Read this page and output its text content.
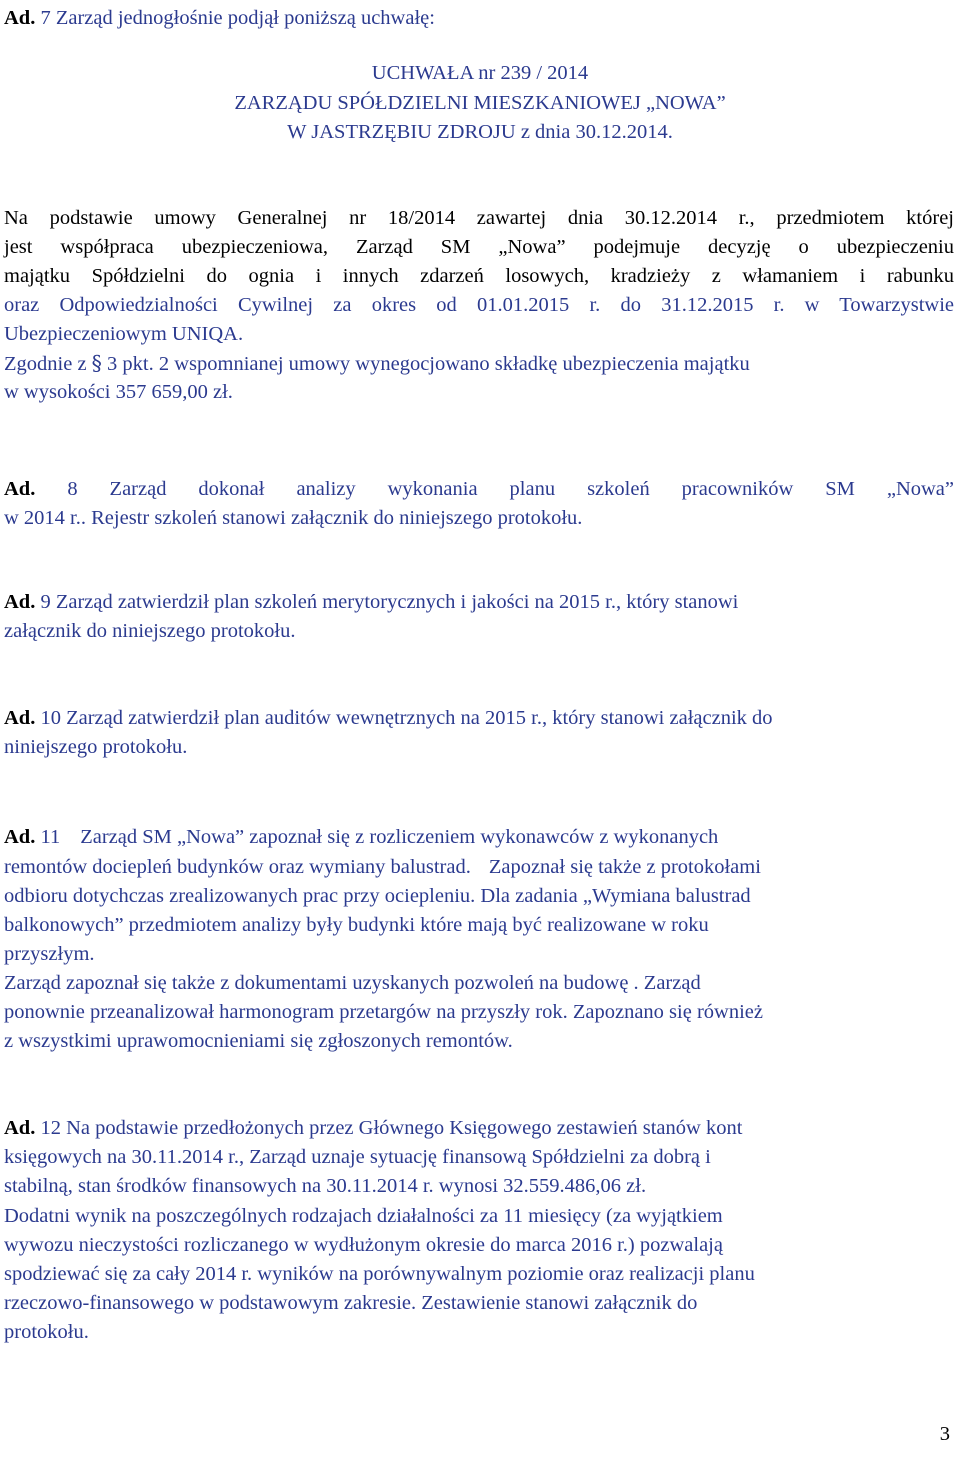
Ad. 7 Zarząd jednogłośnie podjął poniższą uchwałę:
UCHWAŁA nr 239 / 2014
ZARZĄDU SPÓŁDZIELNI MIESZKANIOWEJ „NOWA”
W JASTRZĘBIU ZDROJU z dnia 30.12.2014.
Na podstawie umowy Generalnej nr 18/2014 zawartej dnia 30.12.2014 r., przedmiotem której
jest współpraca ubezpieczeniowa, Zarząd SM „Nowa” podejmuje decyzję o ubezpieczeniu
majątku Spółdzielni do ognia i innych zdarzeń losowych, kradzieży z włamaniem i rabunku
oraz Odpowiedzialności Cywilnej za okres od 01.01.2015 r. do 31.12.2015 r. w Towarzystwie
Ubezpieczeniowym UNIQA.
Zgodnie z § 3 pkt. 2 wspomnianej umowy wynegocjowano składkę ubezpieczenia majątku
w wysokości 357 659,00 zł.
Ad. 8 Zarząd dokonał analizy wykonania planu szkoleń pracowników SM „Nowa”
w 2014 r.. Rejestr szkoleń stanowi załącznik do niniejszego protokołu.
Ad. 9 Zarząd zatwierdził plan szkoleń merytorycznych i jakości na 2015 r., który stanowi
załącznik do niniejszego protokołu.
Ad. 10 Zarząd zatwierdził plan auditów wewnętrznych na 2015 r., który stanowi załącznik do
niniejszego protokołu.
Ad. 11 Zarząd SM „Nowa” zapoznał się z rozliczeniem wykonawców z wykonanych
remontów dociepleń budynków oraz wymiany balustrad. Zapoznał się także z protokołami
odbioru dotychczas zrealizowanych prac przy ociepleniu. Dla zadania „Wymiana balustrad
balkonowych” przedmiotem analizy były budynki które mają być realizowane w roku
przyszłym.
Zarząd zapoznał się także z dokumentami uzyskanych pozwoleń na budowę . Zarząd
ponownie przeanalizował harmonogram przetargów na przyszły rok. Zapoznano się również
z wszystkimi uprawomocnieniami się zgłoszonych remontów.
Ad. 12 Na podstawie przedłożonych przez Głównego Księgowego zestawień stanów kont
księgowych na 30.11.2014 r., Zarząd uznaje sytuację finansową Spółdzielni za dobrą i
stabilną, stan środków finansowych na 30.11.2014 r. wynosi 32.559.486,06 zł.
Dodatni wynik na poszczególnych rodzajach działalności za 11 miesięcy (za wyjątkiem
wywozu nieczystości rozliczanego w wydłużonym okresie do marca 2016 r.) pozwalają
spodziewać się za cały 2014 r. wyników na porównywalnym poziomie oraz realizacji planu
rzeczowo-finansowego w podstawowym zakresie. Zestawienie stanowi załącznik do
protokołu.
3
